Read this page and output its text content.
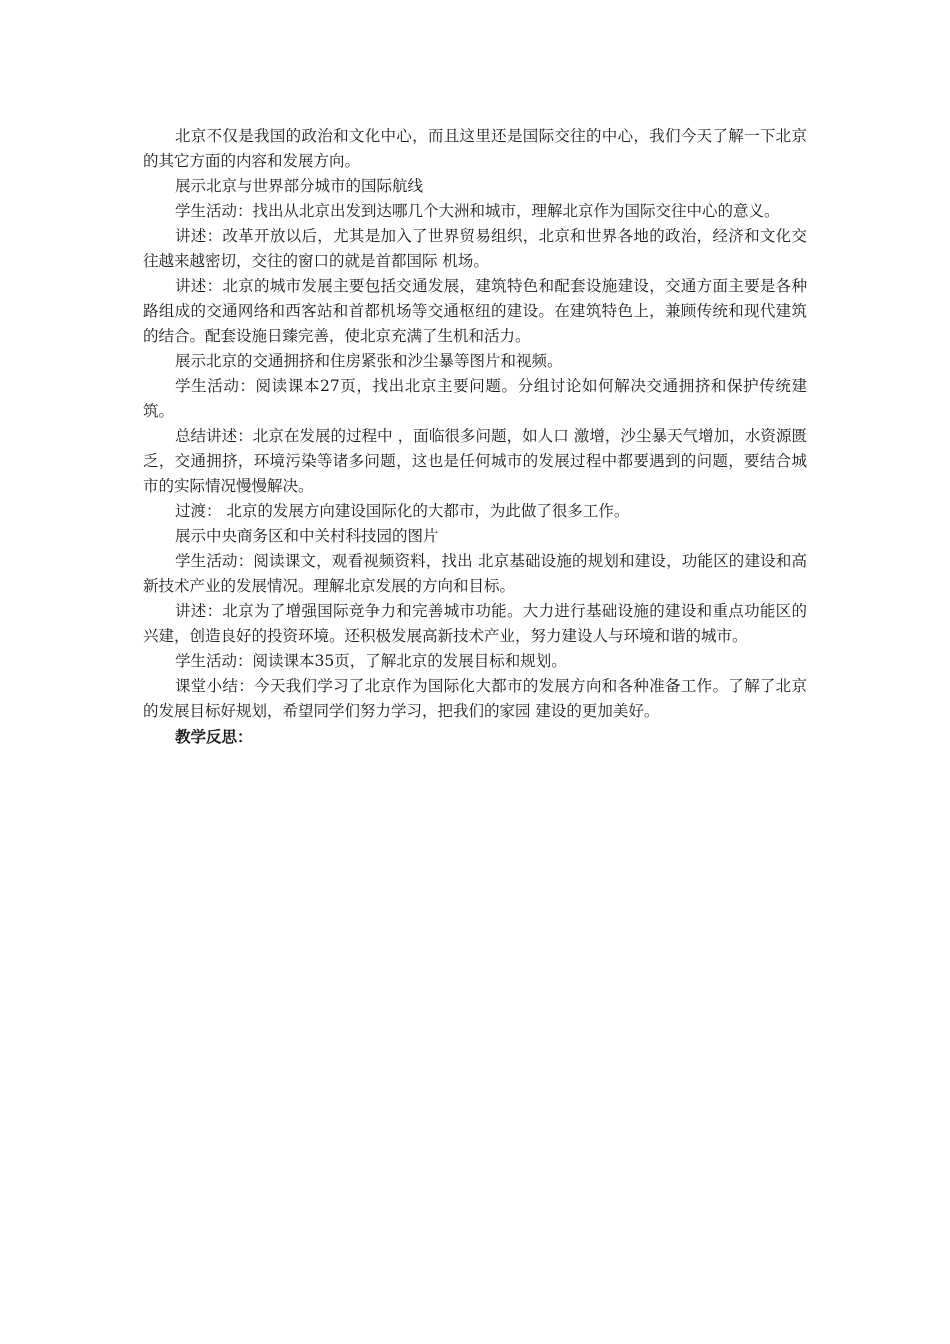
北京不仅是我国的政治和文化中心，而且这里还是国际交往的中心，我们今天了解一下北京的其它方面的内容和发展方向。

展示北京与世界部分城市的国际航线

学生活动：找出从北京出发到达哪几个大洲和城市，理解北京作为国际交往中心的意义。

讲述：改革开放以后，尤其是加入了世界贸易组织，北京和世界各地的政治，经济和文化交往越来越密切，交往的窗口的就是首都国际 机场。

讲述：北京的城市发展主要包括交通发展，建筑特色和配套设施建设，交通方面主要是各种路组成的交通网络和西客站和首都机场等交通枢纽的建设。在建筑特色上，兼顾传统和现代建筑的结合。配套设施日臻完善，使北京充满了生机和活力。

展示北京的交通拥挤和住房紧张和沙尘暴等图片和视频。

学生活动：阅读课本27页，找出北京主要问题。分组讨论如何解决交通拥挤和保护传统建筑。

总结讲述：北京在发展的过程中 ，面临很多问题，如人口 激增，沙尘暴天气增加，水资源匮乏，交通拥挤，环境污染等诸多问题，这也是任何城市的发展过程中都要遇到的问题，要结合城市的实际情况慢慢解决。

过渡： 北京的发展方向建设国际化的大都市，为此做了很多工作。

展示中央商务区和中关村科技园的图片

学生活动：阅读课文，观看视频资料，找出 北京基础设施的规划和建设，功能区的建设和高新技术产业的发展情况。理解北京发展的方向和目标。

讲述：北京为了增强国际竞争力和完善城市功能。大力进行基础设施的建设和重点功能区的兴建，创造良好的投资环境。还积极发展高新技术产业，努力建设人与环境和谐的城市。

学生活动：阅读课本35页，了解北京的发展目标和规划。

课堂小结：今天我们学习了北京作为国际化大都市的发展方向和各种准备工作。了解了北京的发展目标好规划，希望同学们努力学习，把我们的家园 建设的更加美好。

教学反思：
